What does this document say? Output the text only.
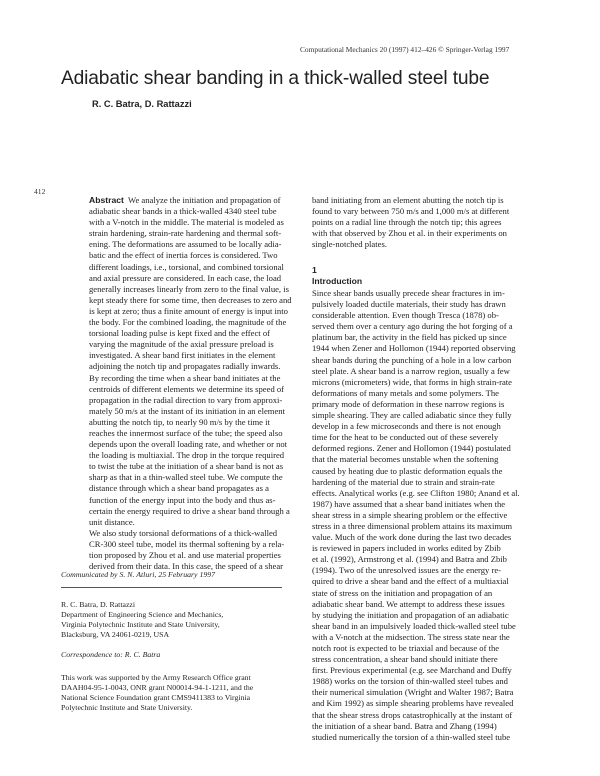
Computational Mechanics 20 (1997) 412–426 © Springer-Verlag 1997
Adiabatic shear banding in a thick-walled steel tube
R. C. Batra, D. Rattazzi
412
Abstract We analyze the initiation and propagation of
adiabatic shear bands in a thick-walled 4340 steel tube
with a V-notch in the middle. The material is modeled as
strain hardening, strain-rate hardening and thermal soft-
ening. The deformations are assumed to be locally adia-
batic and the effect of inertia forces is considered. Two
different loadings, i.e., torsional, and combined torsional
and axial pressure are considered. In each case, the load
generally increases linearly from zero to the final value, is
kept steady there for some time, then decreases to zero and
is kept at zero; thus a finite amount of energy is input into
the body. For the combined loading, the magnitude of the
torsional loading pulse is kept fixed and the effect of
varying the magnitude of the axial pressure preload is
investigated. A shear band first initiates in the element
adjoining the notch tip and propagates radially inwards.
By recording the time when a shear band initiates at the
centroids of different elements we determine its speed of
propagation in the radial direction to vary from approxi-
mately 50 m/s at the instant of its initiation in an element
abutting the notch tip, to nearly 90 m/s by the time it
reaches the innermost surface of the tube; the speed also
depends upon the overall loading rate, and whether or not
the loading is multiaxial. The drop in the torque required
to twist the tube at the initiation of a shear band is not as
sharp as that in a thin-walled steel tube. We compute the
distance through which a shear band propagates as a
function of the energy input into the body and thus as-
certain the energy required to drive a shear band through a
unit distance.
We also study torsional deformations of a thick-walled
CR-300 steel tube, model its thermal softening by a rela-
tion proposed by Zhou et al. and use material properties
derived from their data. In this case, the speed of a shear
band initiating from an element abutting the notch tip is
found to vary between 750 m/s and 1,000 m/s at different
points on a radial line through the notch tip; this agrees
with that observed by Zhou et al. in their experiments on
single-notched plates.
1
Introduction
Since shear bands usually precede shear fractures in im-
pulsively loaded ductile materials, their study has drawn
considerable attention. Even though Tresca (1878) ob-
served them over a century ago during the hot forging of a
platinum bar, the activity in the field has picked up since
1944 when Zener and Hollomon (1944) reported observing
shear bands during the punching of a hole in a low carbon
steel plate. A shear band is a narrow region, usually a few
microns (micrometers) wide, that forms in high strain-rate
deformations of many metals and some polymers. The
primary mode of deformation in these narrow regions is
simple shearing. They are called adiabatic since they fully
develop in a few microseconds and there is not enough
time for the heat to be conducted out of these severely
deformed regions. Zener and Hollomon (1944) postulated
that the material becomes unstable when the softening
caused by heating due to plastic deformation equals the
hardening of the material due to strain and strain-rate
effects. Analytical works (e.g. see Clifton 1980; Anand et al.
1987) have assumed that a shear band initiates when the
shear stress in a simple shearing problem or the effective
stress in a three dimensional problem attains its maximum
value. Much of the work done during the last two decades
is reviewed in papers included in works edited by Zbib
et al. (1992), Armstrong et al. (1994) and Batra and Zbib
(1994). Two of the unresolved issues are the energy re-
quired to drive a shear band and the effect of a multiaxial
state of stress on the initiation and propagation of an
adiabatic shear band. We attempt to address these issues
by studying the initiation and propagation of an adiabatic
shear band in an impulsively loaded thick-walled steel tube
with a V-notch at the midsection. The stress state near the
notch root is expected to be triaxial and because of the
stress concentration, a shear band should initiate there
first. Previous experimental (e.g. see Marchand and Duffy
1988) works on the torsion of thin-walled steel tubes and
their numerical simulation (Wright and Walter 1987; Batra
and Kim 1992) as simple shearing problems have revealed
that the shear stress drops catastrophically at the instant of
the initiation of a shear band. Batra and Zhang (1994)
studied numerically the torsion of a thin-walled steel tube
Communicated by S. N. Atluri, 25 February 1997
R. C. Batra, D. Rattazzi
Department of Engineering Science and Mechanics,
Virginia Polytechnic Institute and State University,
Blacksburg, VA 24061-0219, USA
Correspondence to: R. C. Batra
This work was supported by the Army Research Office grant
DAAH04-95-1-0043, ONR grant N00014-94-1-1211, and the
National Science Foundation grant CMS9411383 to Virginia
Polytechnic Institute and State University.
